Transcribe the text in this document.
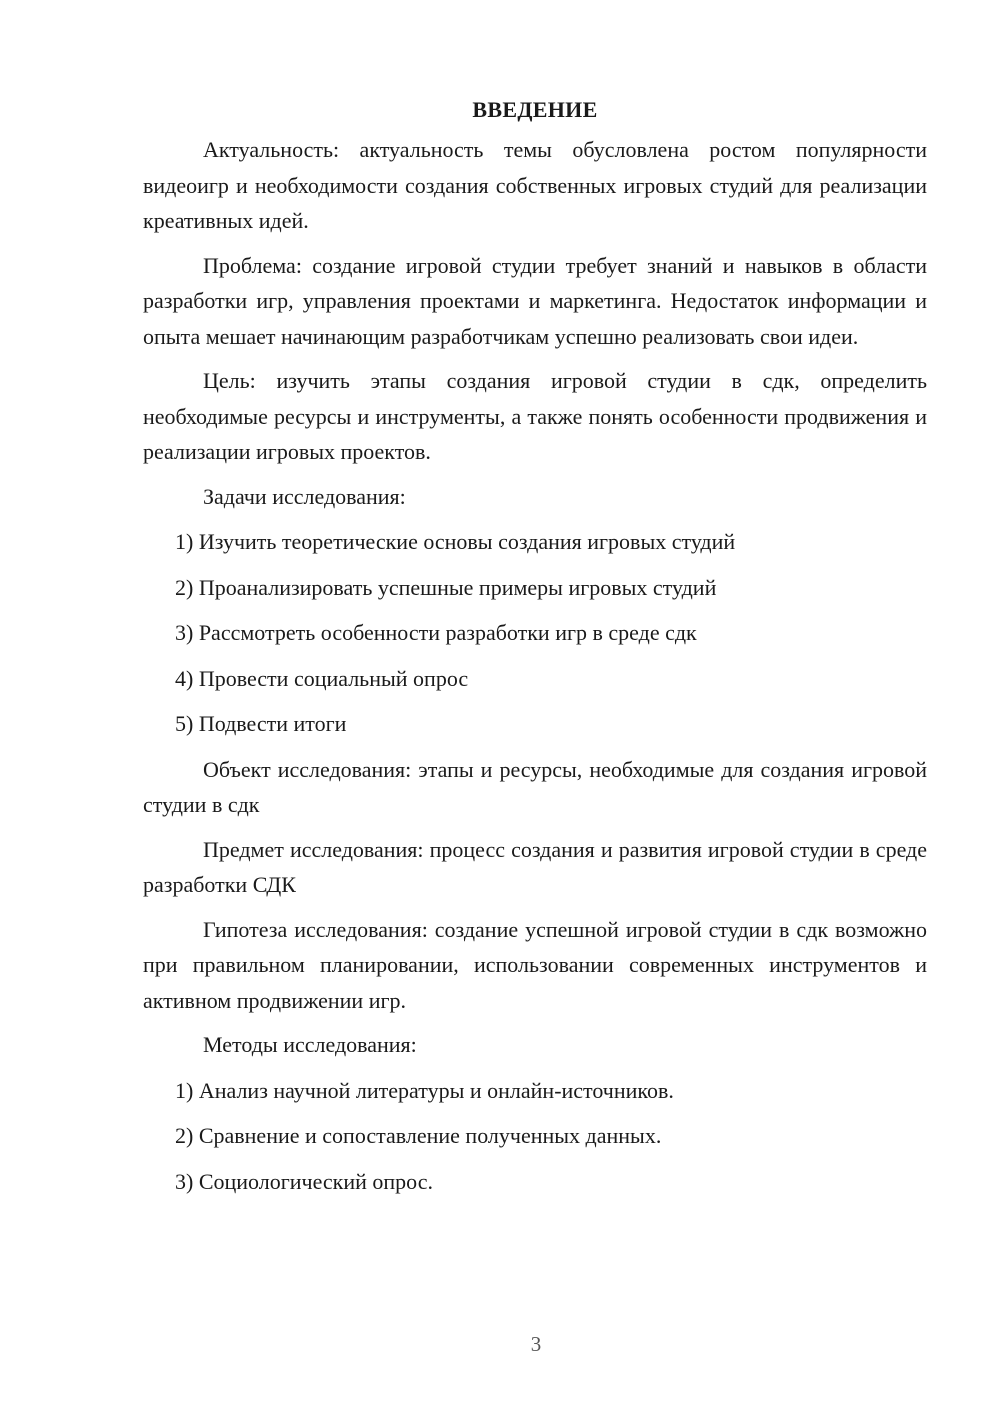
ВВЕДЕНИЕ

Актуальность: актуальность темы обусловлена ростом популярности видеоигр и необходимости создания собственных игровых студий для реализации креативных идей.

Проблема: создание игровой студии требует знаний и навыков в области разработки игр, управления проектами и маркетинга. Недостаток информации и опыта мешает начинающим разработчикам успешно реализовать свои идеи.

Цель: изучить этапы создания игровой студии в сдк, определить необходимые ресурсы и инструменты, а также понять особенности продвижения и реализации игровых проектов.

Задачи исследования:

1) Изучить теоретические основы создания игровых студий
2) Проанализировать успешные примеры игровых студий
3) Рассмотреть особенности разработки игр в среде сдк
4) Провести социальный опрос
5) Подвести итоги

Объект исследования: этапы и ресурсы, необходимые для создания игровой студии в сдк

Предмет исследования: процесс создания и развития игровой студии в среде разработки СДК

Гипотеза исследования: создание успешной игровой студии в сдк возможно при правильном планировании, использовании современных инструментов и активном продвижении игр.

Методы исследования:

1) Анализ научной литературы и онлайн-источников.
2) Сравнение и сопоставление полученных данных.
3) Социологический опрос.
3
